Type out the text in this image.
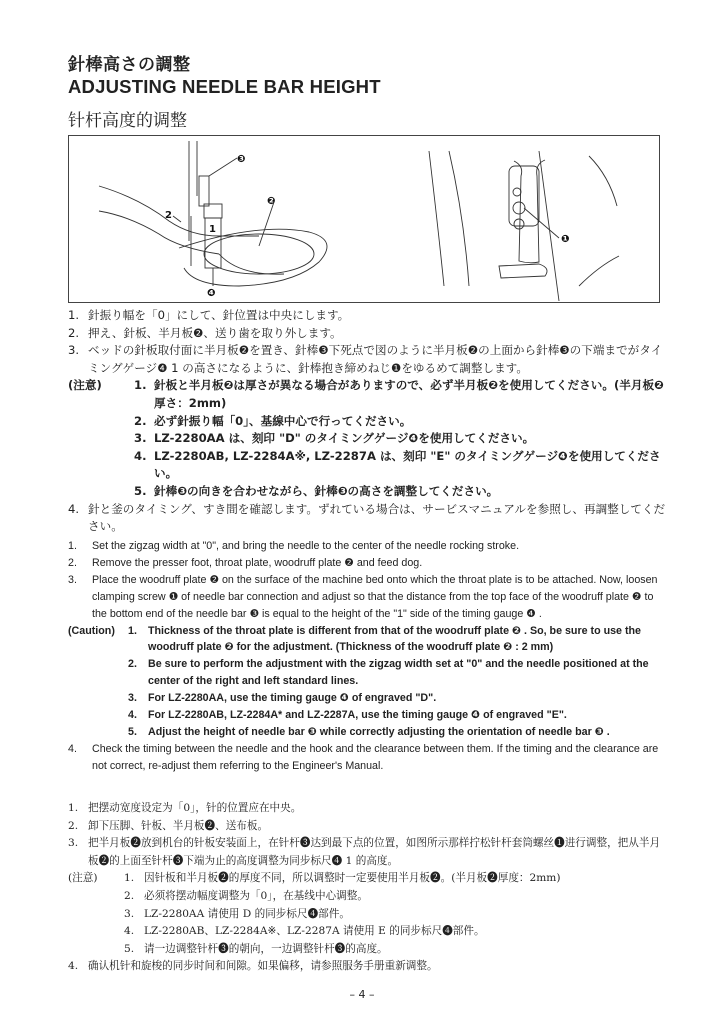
針棒高さの調整
ADJUSTING NEEDLE BAR HEIGHT
针杆高度的调整
❸
❷
2
1
❹
❶
1. 針振り幅を「0」にして、針位置は中央にします。
2. 押え、針板、半月板❷、送り歯を取り外します。
3. ベッドの針板取付面に半月板❷を置き、針棒❸下死点で図のように半月板❷の上面から針棒❸の下端までがタイミングゲージ❹ 1 の高さになるように、針棒抱き締めねじ❶をゆるめて調整します。
(注意)	1. 針板と半月板❷は厚さが異なる場合がありますので、必ず半月板❷を使用してください。(半月板❷厚さ：2mm)
2. 必ず針振り幅「0」、基線中心で行ってください。
3. LZ-2280AA は、刻印 "D" のタイミングゲージ❹を使用してください。
4. LZ-2280AB, LZ-2284A※, LZ-2287A は、刻印 "E" のタイミングゲージ❹を使用してください。
5. 針棒❸の向きを合わせながら、針棒❸の高さを調整してください。
4. 針と釜のタイミング、すき間を確認します。ずれている場合は、サービスマニュアルを参照し、再調整してください。
1.	Set the zigzag width at "0", and bring the needle to the center of the needle rocking stroke.
2.	Remove the presser foot, throat plate, woodruff plate ❷ and feed dog.
3.	Place the woodruff plate ❷ on the surface of the machine bed onto which the throat plate is to be attached. Now, loosen clamping screw ❶ of needle bar connection and adjust so that the distance from the top face of the woodruff plate ❷ to the bottom end of the needle bar ❸ is equal to the height of the "1" side of the timing gauge ❹ .
(Caution)	1.	Thickness of the throat plate is different from that of the woodruff plate ❷ . So, be sure to use the woodruff plate ❷ for the adjustment. (Thickness of the woodruff plate ❷ : 2 mm)
2.	Be sure to perform the adjustment with the zigzag width set at "0" and the needle positioned at the center of the right and left standard lines.
3.	For LZ-2280AA, use the timing gauge ❹ of engraved "D".
4.	For LZ-2280AB, LZ-2284A* and LZ-2287A, use the timing gauge ❹ of engraved "E".
5.	Adjust the height of needle bar ❸ while correctly adjusting the orientation of needle bar ❸ .
4.	Check the timing between the needle and the hook and the clearance between them. If the timing and the clearance are not correct, re-adjust them referring to the Engineer's Manual.
1. 把摆动宽度设定为「0」，针的位置应在中央。
2. 卸下压脚、针板、半月板❷、送布板。
3. 把半月板❷放到机台的针板安装面上，在针杆❸达到最下点的位置，如图所示那样拧松针杆套筒螺丝❶进行调整，把从半月板❷的上面至针杆❸下端为止的高度调整为同步标尺❹ 1 的高度。
(注意)	1. 因针板和半月板❷的厚度不同，所以调整时一定要使用半月板❷。(半月板❷厚度：2mm)
2. 必须将摆动幅度调整为「0」，在基线中心调整。
3. LZ-2280AA 请使用 D 的同步标尺❹部件。
4. LZ-2280AB、LZ-2284A※、LZ-2287A 请使用 E 的同步标尺❹部件。
5. 请一边调整针杆❸的朝向，一边调整针杆❸的高度。
4. 确认机针和旋梭的同步时间和间隙。如果偏移，请参照服务手册重新调整。
– 4 –
